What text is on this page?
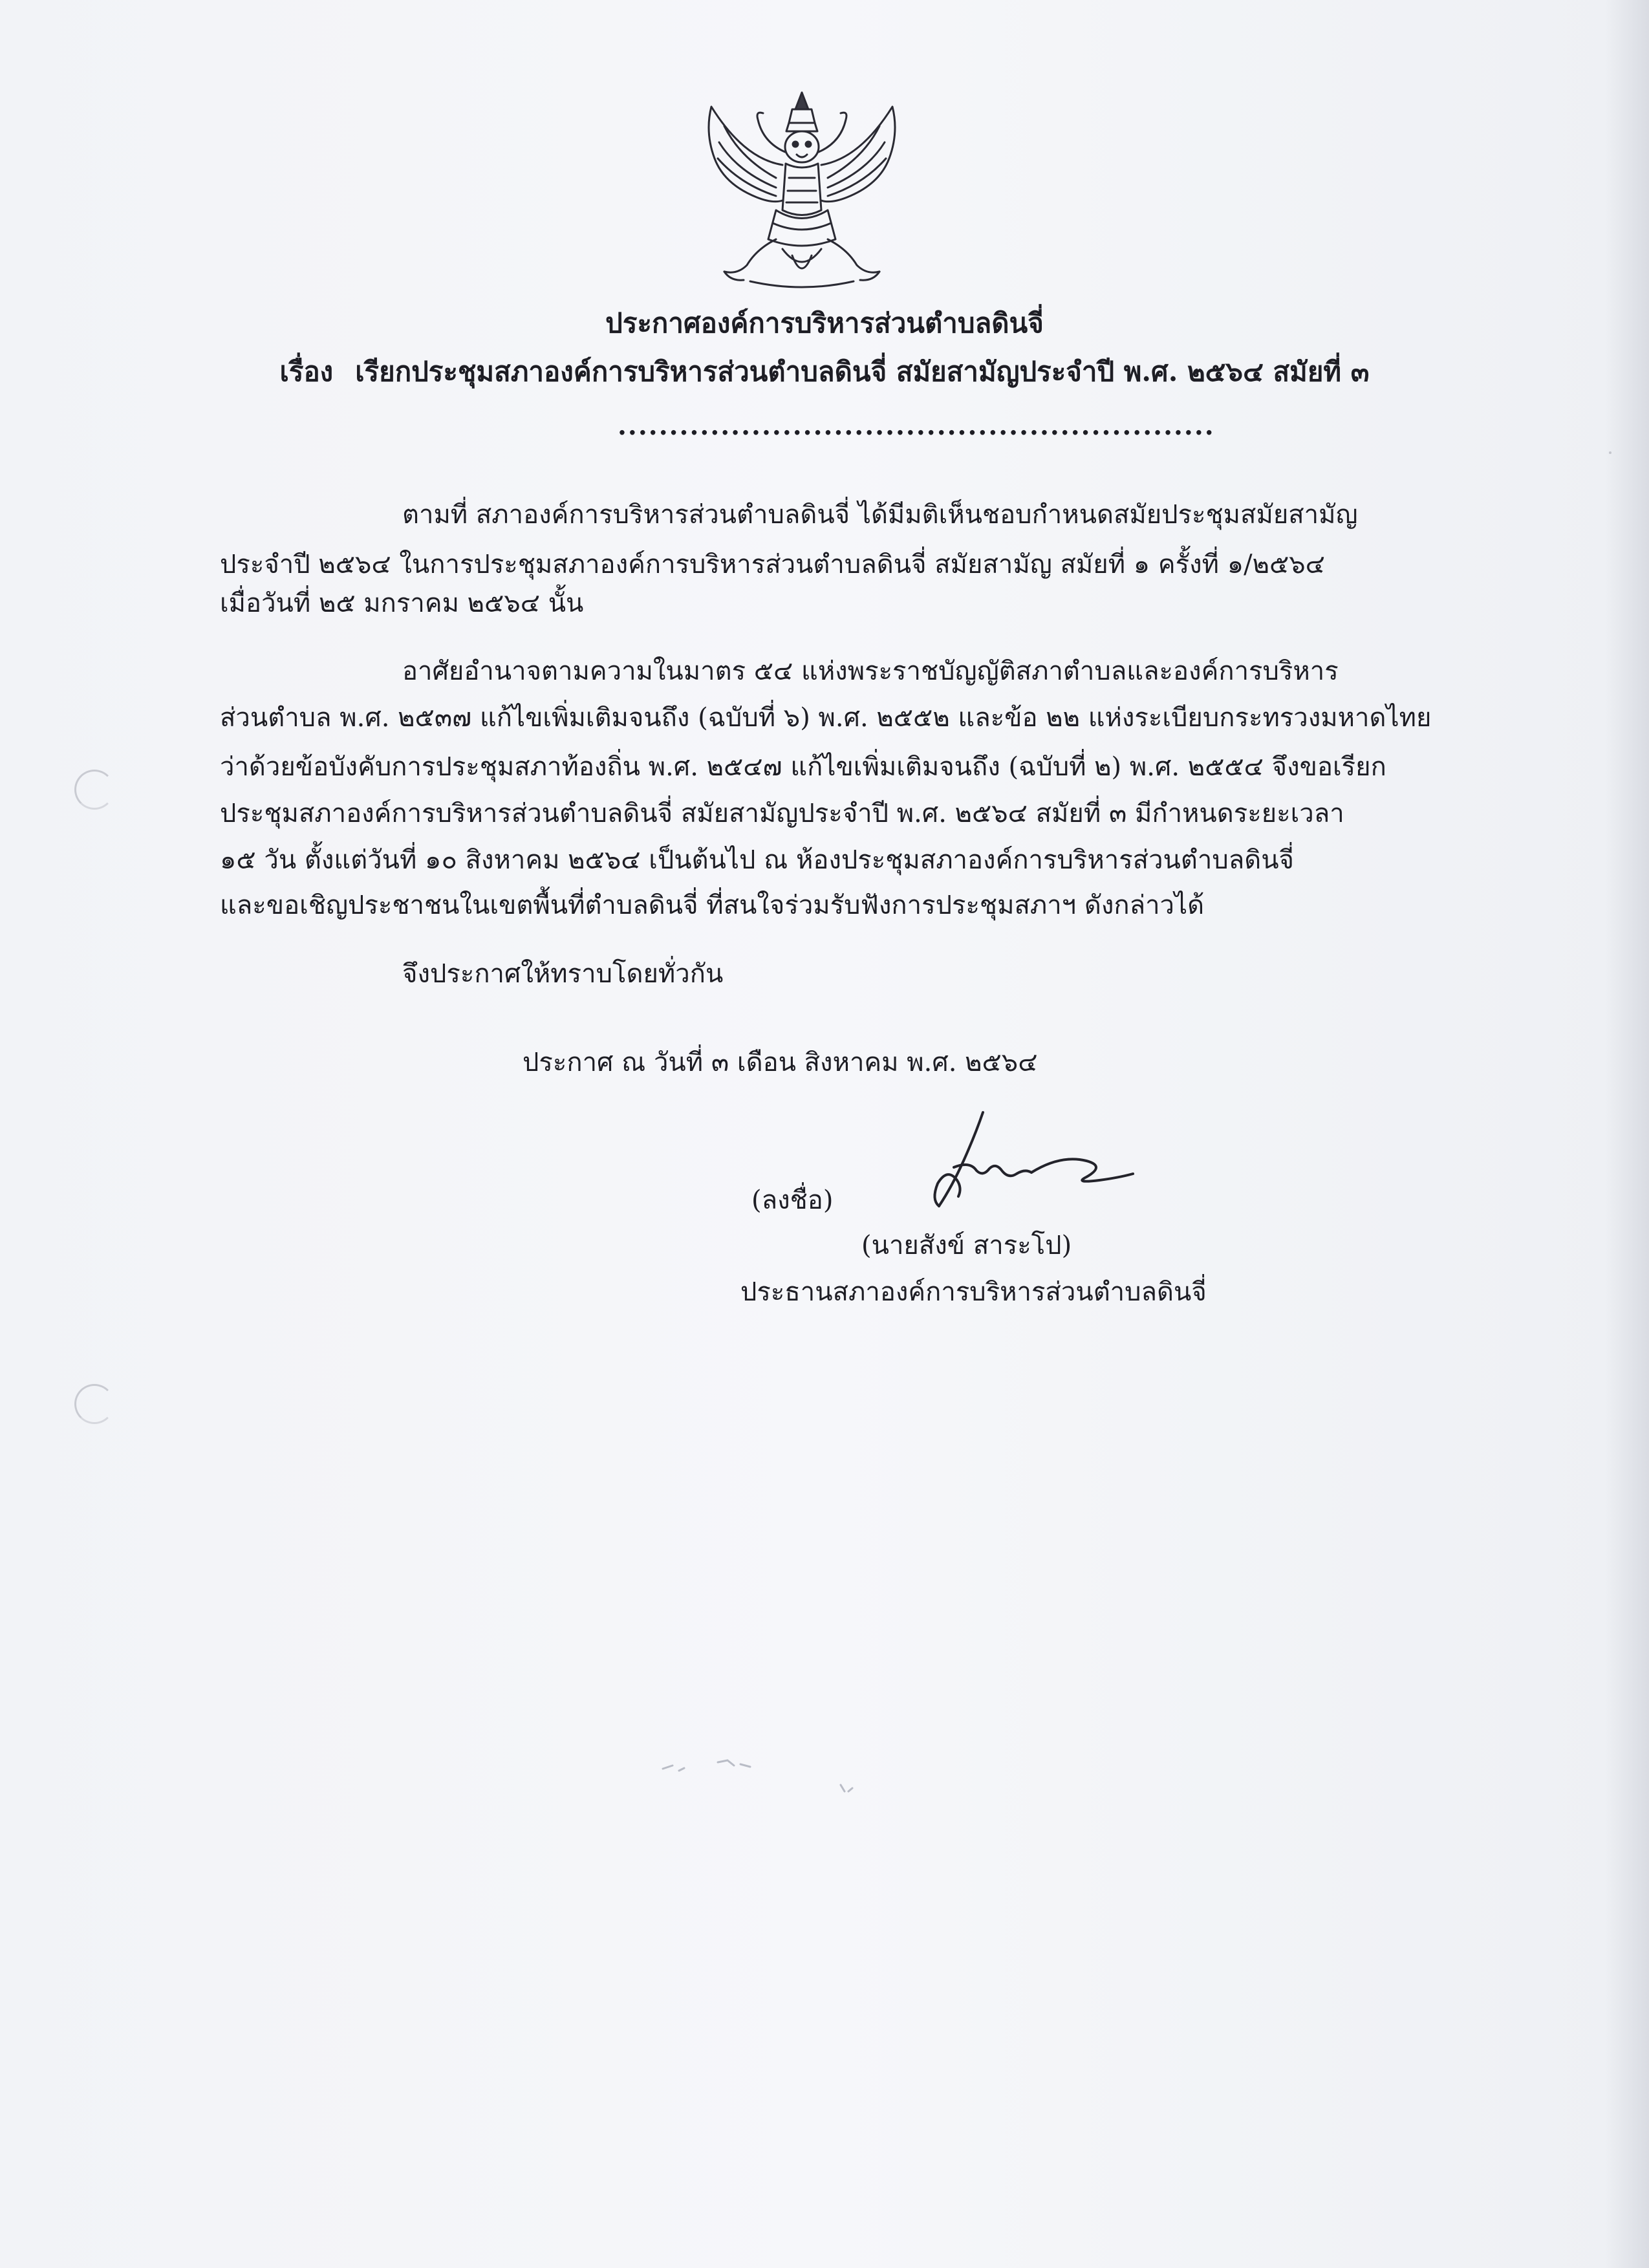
ประกาศองค์การบริหารส่วนตำบลดินจี่
เรื่อง เรียกประชุมสภาองค์การบริหารส่วนตำบลดินจี่ สมัยสามัญประจำปี พ.ศ. ๒๕๖๔ สมัยที่ ๓
..........................................................
ตามที่ สภาองค์การบริหารส่วนตำบลดินจี่ ได้มีมติเห็นชอบกำหนดสมัยประชุมสมัยสามัญ
ประจำปี ๒๕๖๔ ในการประชุมสภาองค์การบริหารส่วนตำบลดินจี่ สมัยสามัญ สมัยที่ ๑ ครั้งที่ ๑/๒๕๖๔
เมื่อวันที่ ๒๕ มกราคม ๒๕๖๔ นั้น
อาศัยอำนาจตามความในมาตร ๕๔ แห่งพระราชบัญญัติสภาตำบลและองค์การบริหาร
ส่วนตำบล พ.ศ. ๒๕๓๗ แก้ไขเพิ่มเติมจนถึง (ฉบับที่ ๖) พ.ศ. ๒๕๕๒ และข้อ ๒๒ แห่งระเบียบกระทรวงมหาดไทย
ว่าด้วยข้อบังคับการประชุมสภาท้องถิ่น พ.ศ. ๒๕๔๗ แก้ไขเพิ่มเติมจนถึง (ฉบับที่ ๒) พ.ศ. ๒๕๕๔ จึงขอเรียก
ประชุมสภาองค์การบริหารส่วนตำบลดินจี่ สมัยสามัญประจำปี พ.ศ. ๒๕๖๔ สมัยที่ ๓ มีกำหนดระยะเวลา
๑๕ วัน ตั้งแต่วันที่ ๑๐ สิงหาคม ๒๕๖๔ เป็นต้นไป ณ ห้องประชุมสภาองค์การบริหารส่วนตำบลดินจี่
และขอเชิญประชาชนในเขตพื้นที่ตำบลดินจี่ ที่สนใจร่วมรับฟังการประชุมสภาฯ ดังกล่าวได้
จึงประกาศให้ทราบโดยทั่วกัน
ประกาศ ณ วันที่ ๓ เดือน สิงหาคม พ.ศ. ๒๕๖๔
(ลงชื่อ)
(นายสังข์ สาระโป)
ประธานสภาองค์การบริหารส่วนตำบลดินจี่
